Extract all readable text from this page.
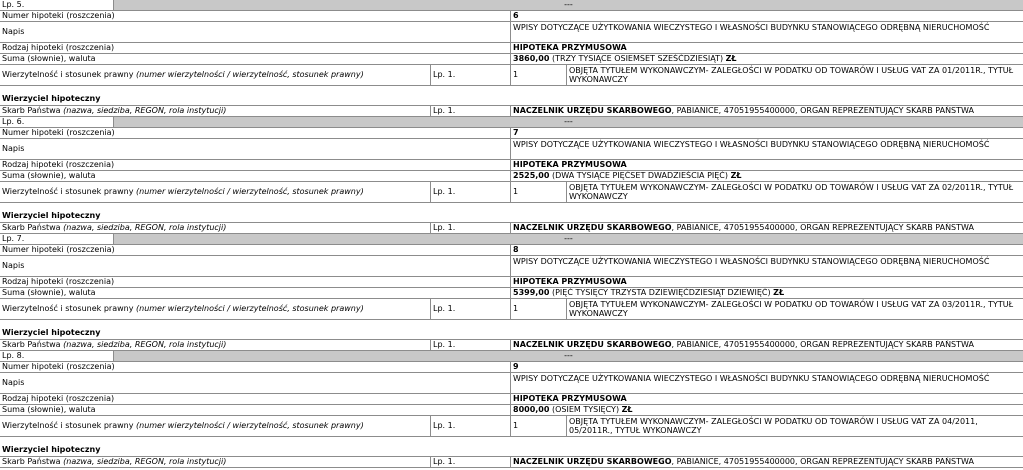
Lp. 5.	---
Numer hipoteki (roszczenia)	6
Napis	WPISY DOTYCZĄCE UŻYTKOWANIA WIECZYSTEGO I WŁASNOŚCI BUDYNKU STANOWIĄCEGO ODRĘBNĄ NIERUCHOMOŚĆ
Rodzaj hipoteki (roszczenia)	HIPOTEKA PRZYMUSOWA
Suma (słownie), waluta	3860,00 (TRZY TYSIĄCE OSIEMSET SZEŚĆDZIESIĄT) ZŁ
Wierzytelność i stosunek prawny (numer wierzytelności / wierzytelność, stosunek prawny)	Lp. 1.	1	OBJĘTA TYTUŁEM WYKONAWCZYM- ZALEGŁOŚCI W PODATKU OD TOWARÓW I USŁUG VAT ZA 01/2011R., TYTUŁ WYKONAWCZY
Wierzyciel hipoteczny
Skarb Państwa (nazwa, siedziba, REGON, rola instytucji)	Lp. 1.	NACZELNIK URZĘDU SKARBOWEGO, PABIANICE, 47051955400000, ORGAN REPREZENTUJĄCY SKARB PAŃSTWA
Lp. 6.	---
Numer hipoteki (roszczenia)	7
Napis	WPISY DOTYCZĄCE UŻYTKOWANIA WIECZYSTEGO I WŁASNOŚCI BUDYNKU STANOWIĄCEGO ODRĘBNĄ NIERUCHOMOŚĆ
Rodzaj hipoteki (roszczenia)	HIPOTEKA PRZYMUSOWA
Suma (słownie), waluta	2525,00 (DWA TYSIĄCE PIĘĆSET DWADZIEŚCIA PIĘĆ) ZŁ
Wierzytelność i stosunek prawny (numer wierzytelności / wierzytelność, stosunek prawny)	Lp. 1.	1	OBJĘTA TYTUŁEM WYKONAWCZYM- ZALEGŁOŚCI W PODATKU OD TOWARÓW I USŁUG VAT ZA 02/2011R., TYTUŁ WYKONAWCZY
Wierzyciel hipoteczny
Skarb Państwa (nazwa, siedziba, REGON, rola instytucji)	Lp. 1.	NACZELNIK URZĘDU SKARBOWEGO, PABIANICE, 47051955400000, ORGAN REPREZENTUJĄCY SKARB PAŃSTWA
Lp. 7.	---
Numer hipoteki (roszczenia)	8
Napis	WPISY DOTYCZĄCE UŻYTKOWANIA WIECZYSTEGO I WŁASNOŚCI BUDYNKU STANOWIĄCEGO ODRĘBNĄ NIERUCHOMOŚĆ
Rodzaj hipoteki (roszczenia)	HIPOTEKA PRZYMUSOWA
Suma (słownie), waluta	5399,00 (PIĘĆ TYSIĘCY TRZYSTA DZIEWIĘĆDZIESIĄT DZIEWIĘĆ) ZŁ
Wierzytelność i stosunek prawny (numer wierzytelności / wierzytelność, stosunek prawny)	Lp. 1.	1	OBJĘTA TYTUŁEM WYKONAWCZYM- ZALEGŁOŚCI W PODATKU OD TOWARÓW I USŁUG VAT ZA 03/2011R., TYTUŁ WYKONAWCZY
Wierzyciel hipoteczny
Skarb Państwa (nazwa, siedziba, REGON, rola instytucji)	Lp. 1.	NACZELNIK URZĘDU SKARBOWEGO, PABIANICE, 47051955400000, ORGAN REPREZENTUJĄCY SKARB PAŃSTWA
Lp. 8.	---
Numer hipoteki (roszczenia)	9
Napis	WPISY DOTYCZĄCE UŻYTKOWANIA WIECZYSTEGO I WŁASNOŚCI BUDYNKU STANOWIĄCEGO ODRĘBNĄ NIERUCHOMOŚĆ
Rodzaj hipoteki (roszczenia)	HIPOTEKA PRZYMUSOWA
Suma (słownie), waluta	8000,00 (OSIEM TYSIĘCY) ZŁ
Wierzytelność i stosunek prawny (numer wierzytelności / wierzytelność, stosunek prawny)	Lp. 1.	1	OBJĘTA TYTUŁEM WYKONAWCZYM- ZALEGŁOŚCI W PODATKU OD TOWARÓW I USŁUG VAT ZA 04/2011, 05/2011R., TYTUŁ WYKONAWCZY
Wierzyciel hipoteczny
Skarb Państwa (nazwa, siedziba, REGON, rola instytucji)	Lp. 1.	NACZELNIK URZĘDU SKARBOWEGO, PABIANICE, 47051955400000, ORGAN REPREZENTUJĄCY SKARB PAŃSTWA
